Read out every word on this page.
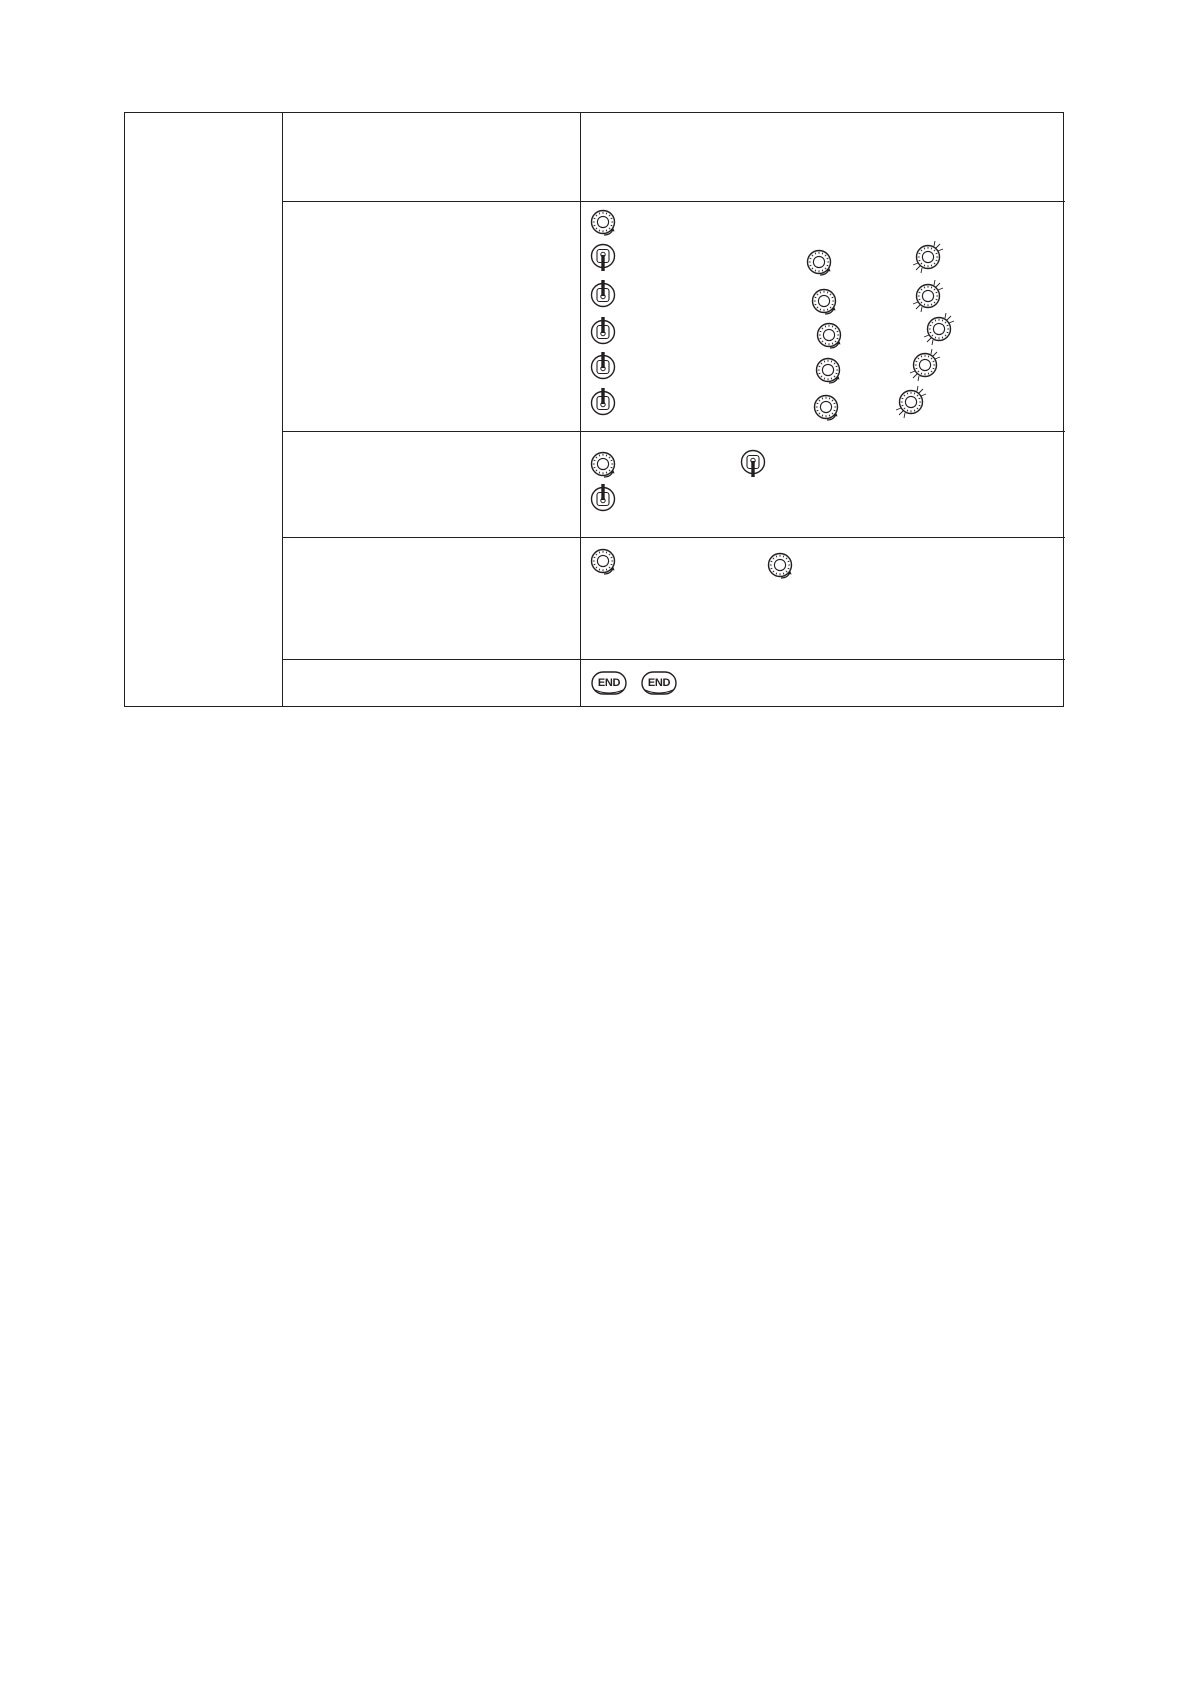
END	END
